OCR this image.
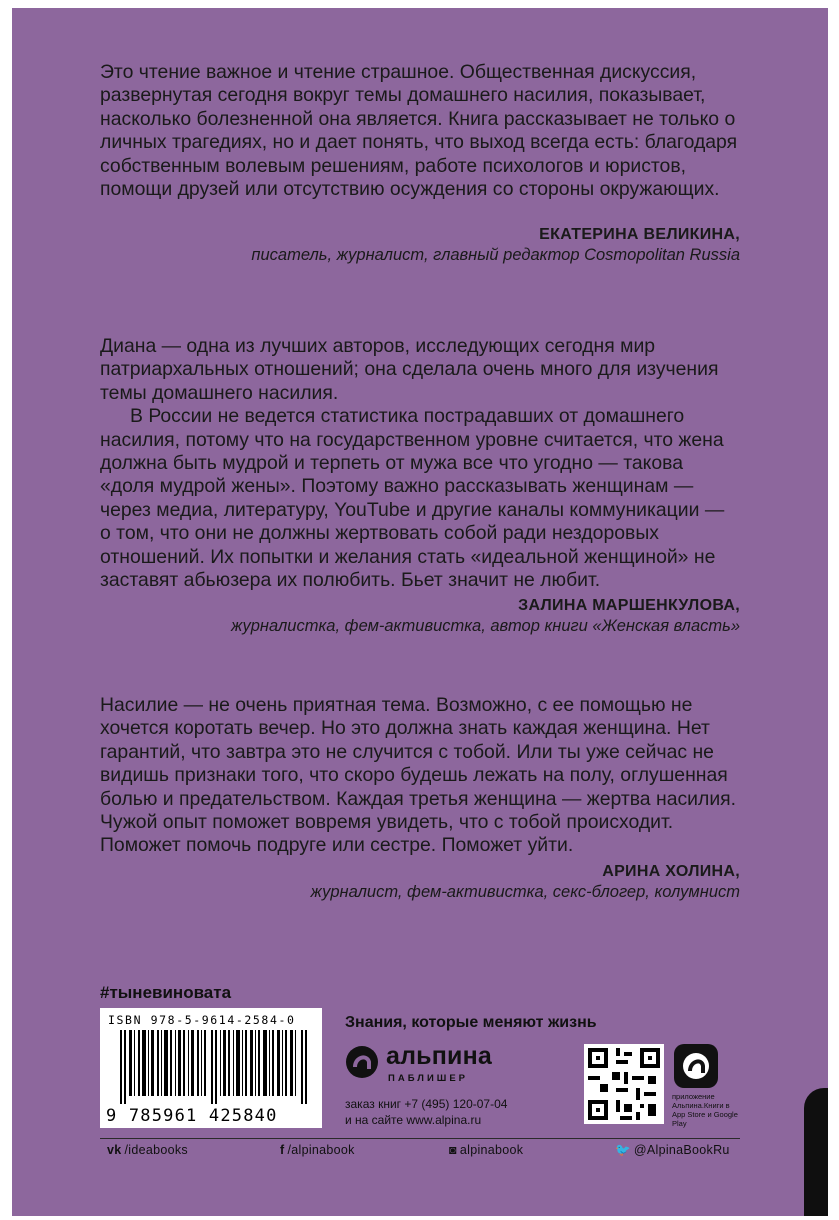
Это чтение важное и чтение страшное. Общественная дискуссия, развернутая сегодня вокруг темы домашнего насилия, показывает, насколько болезненной она является. Книга рассказывает не только о личных трагедиях, но и дает понять, что выход всегда есть: благодаря собственным волевым решениям, работе психологов и юристов, помощи друзей или отсутствию осуждения со стороны окружающих.

ЕКАТЕРИНА ВЕЛИКИНА,
писатель, журналист, главный редактор Cosmopolitan Russia

Диана — одна из лучших авторов, исследующих сегодня мир патриархальных отношений; она сделала очень много для изучения темы домашнего насилия.

В России не ведется статистика пострадавших от домашнего насилия, потому что на государственном уровне считается, что жена должна быть мудрой и терпеть от мужа все что угодно — такова «доля мудрой жены». Поэтому важно рассказывать женщинам — через медиа, литературу, YouTube и другие каналы коммуникации — о том, что они не должны жертвовать собой ради нездоровых отношений. Их попытки и желания стать «идеальной женщиной» не заставят абьюзера их полюбить. Бьет значит не любит.

ЗАЛИНА МАРШЕНКУЛОВА,
журналистка, фем-активистка, автор книги «Женская власть»

Насилие — не очень приятная тема. Возможно, с ее помощью не хочется коротать вечер. Но это должна знать каждая женщина. Нет гарантий, что завтра это не случится с тобой. Или ты уже сейчас не видишь признаки того, что скоро будешь лежать на полу, оглушенная болью и предательством. Каждая третья женщина — жертва насилия. Чужой опыт поможет вовремя увидеть, что с тобой происходит. Поможет помочь подруге или сестре. Поможет уйти.

АРИНА ХОЛИНА,
журналист, фем-активистка, секс-блогер, колумнист
#тыневиновата
ISBN 978-5-9614-2584-0
9 785961 425840
Знания, которые меняют жизнь
альпина
ПАБЛИШЕР
заказ книг +7 (495) 120-07-04
и на сайте www.alpina.ru
приложение Альпина.Книги в App Store и Google Play
vk /ideabooks	f /alpinabook	◙ alpinabook	🐦 @AlpinaBookRu
